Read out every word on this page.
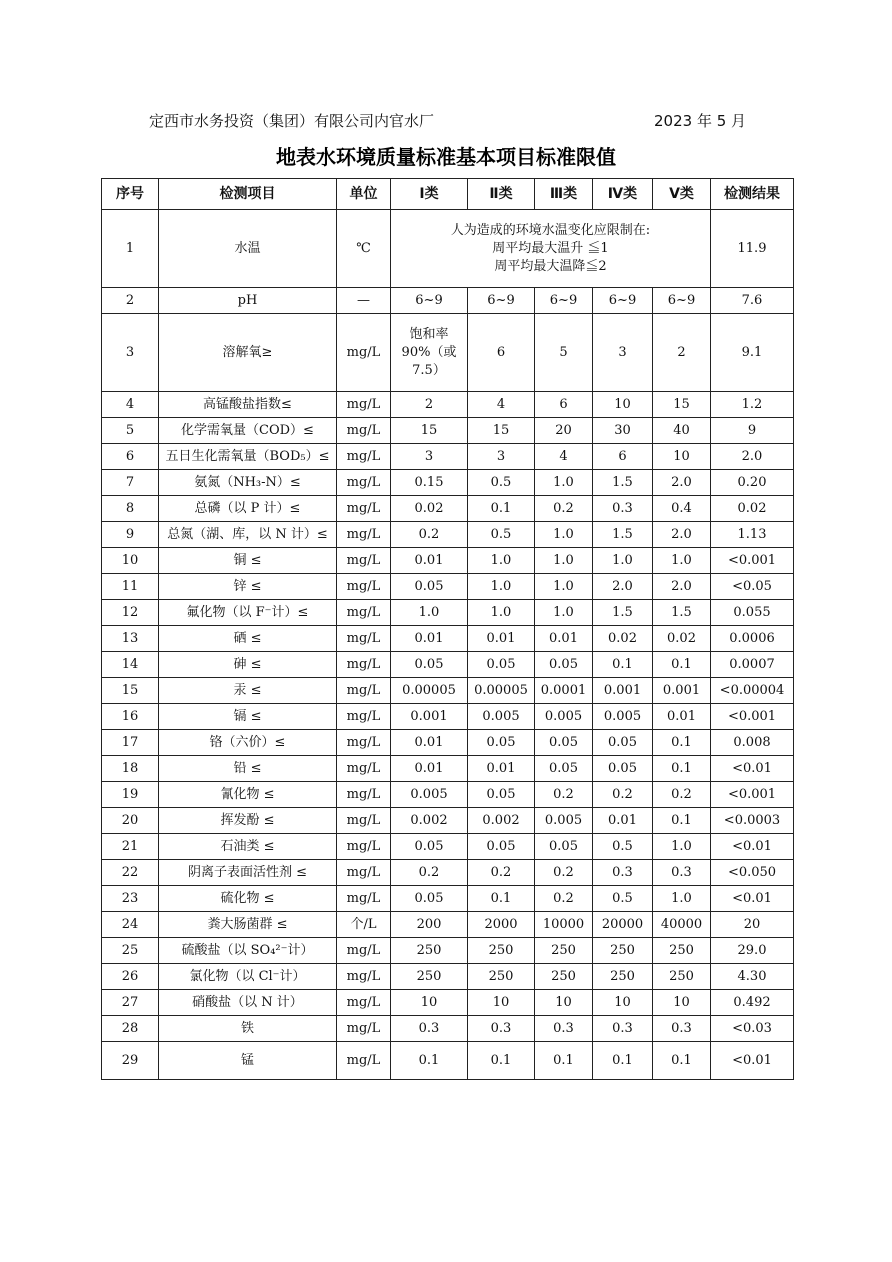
定西市水务投资（集团）有限公司内官水厂	2023 年 5 月
地表水环境质量标准基本项目标准限值
序号	检测项目	单位	Ⅰ类	Ⅱ类	Ⅲ类	Ⅳ类	Ⅴ类	检测结果
1	水温	℃	人为造成的环境水温变化应限制在:
周平均最大温升 ≦1
周平均最大温降≦2					11.9
2	pH	—	6~9	6~9	6~9	6~9	6~9	7.6
3	溶解氧≥	mg/L	饱和率
90%（或
7.5）	6	5	3	2	9.1
4	高锰酸盐指数≤	mg/L	2	4	6	10	15	1.2
5	化学需氧量（COD）≤	mg/L	15	15	20	30	40	9
6	五日生化需氧量（BOD₅）≤	mg/L	3	3	4	6	10	2.0
7	氨氮（NH₃-N）≤	mg/L	0.15	0.5	1.0	1.5	2.0	0.20
8	总磷（以 P 计）≤	mg/L	0.02	0.1	0.2	0.3	0.4	0.02
9	总氮（湖、库，以 N 计）≤	mg/L	0.2	0.5	1.0	1.5	2.0	1.13
10	铜 ≤	mg/L	0.01	1.0	1.0	1.0	1.0	<0.001
11	锌 ≤	mg/L	0.05	1.0	1.0	2.0	2.0	<0.05
12	氟化物（以 F⁻计）≤	mg/L	1.0	1.0	1.0	1.5	1.5	0.055
13	硒 ≤	mg/L	0.01	0.01	0.01	0.02	0.02	0.0006
14	砷 ≤	mg/L	0.05	0.05	0.05	0.1	0.1	0.0007
15	汞 ≤	mg/L	0.00005	0.00005	0.0001	0.001	0.001	<0.00004
16	镉 ≤	mg/L	0.001	0.005	0.005	0.005	0.01	<0.001
17	铬（六价）≤	mg/L	0.01	0.05	0.05	0.05	0.1	0.008
18	铅 ≤	mg/L	0.01	0.01	0.05	0.05	0.1	<0.01
19	氰化物 ≤	mg/L	0.005	0.05	0.2	0.2	0.2	<0.001
20	挥发酚 ≤	mg/L	0.002	0.002	0.005	0.01	0.1	<0.0003
21	石油类 ≤	mg/L	0.05	0.05	0.05	0.5	1.0	<0.01
22	阴离子表面活性剂 ≤	mg/L	0.2	0.2	0.2	0.3	0.3	<0.050
23	硫化物 ≤	mg/L	0.05	0.1	0.2	0.5	1.0	<0.01
24	粪大肠菌群 ≤	个/L	200	2000	10000	20000	40000	20
25	硫酸盐（以 SO₄²⁻计）	mg/L	250	250	250	250	250	29.0
26	氯化物（以 Cl⁻计）	mg/L	250	250	250	250	250	4.30
27	硝酸盐（以 N 计）	mg/L	10	10	10	10	10	0.492
28	铁	mg/L	0.3	0.3	0.3	0.3	0.3	<0.03
29	锰	mg/L	0.1	0.1	0.1	0.1	0.1	<0.01
